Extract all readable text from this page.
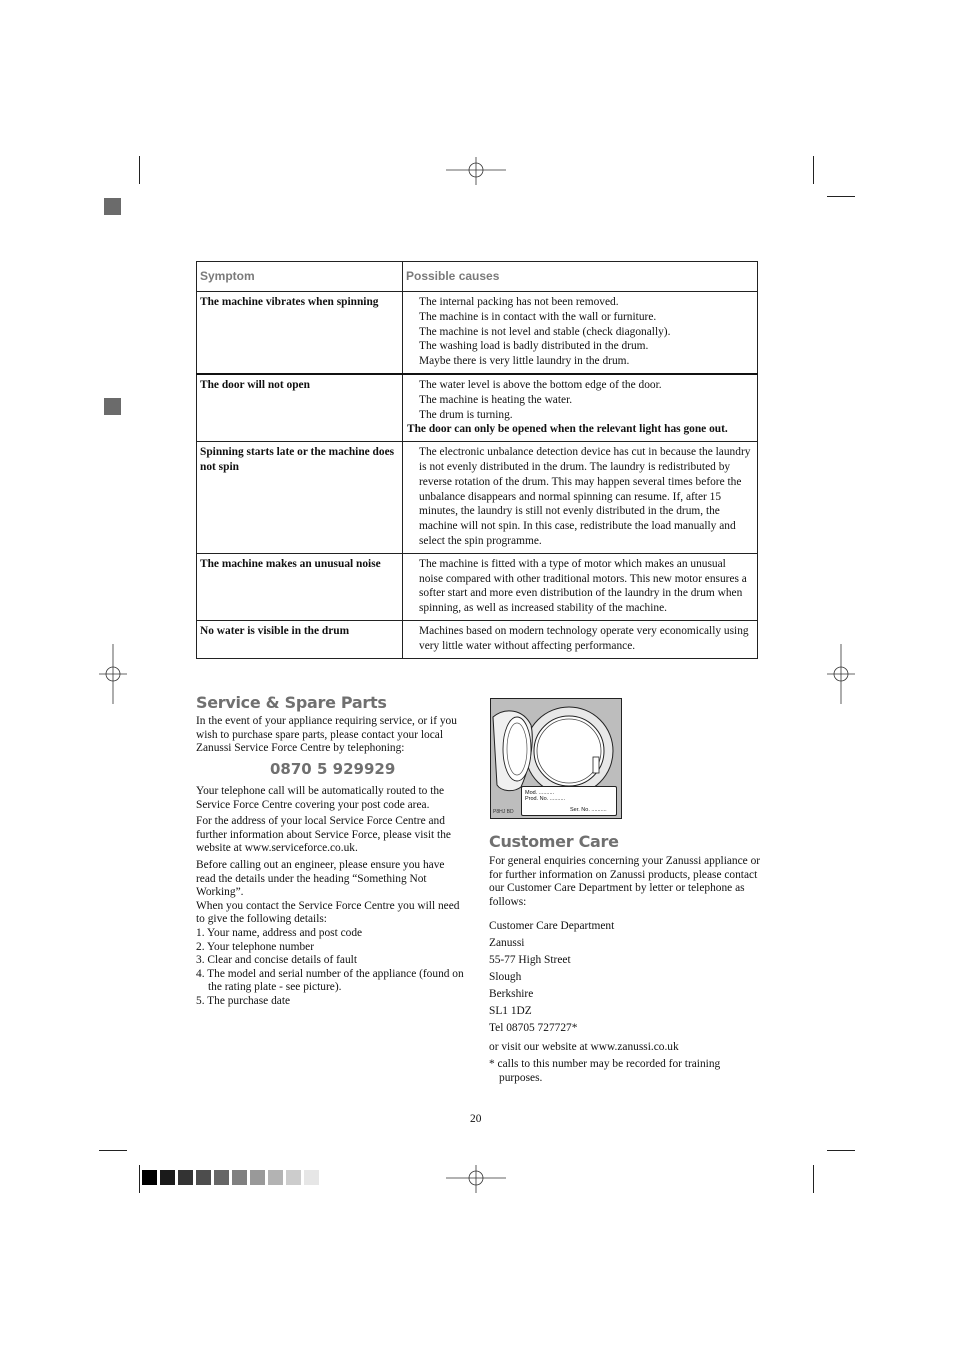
Symptom	Possible causes
The machine vibrates when spinning	The internal packing has not been removed.
The machine is in contact with the wall or furniture.
The machine is not level and stable (check diagonally).
The washing load is badly distributed in the drum.
Maybe there is very little laundry in the drum.

The door will not open	The water level is above the bottom edge of the door.
The machine is heating the water.
The drum is turning.
The door can only be opened when the relevant light has gone out.

Spinning starts late or the machine does not spin	The electronic unbalance detection device has cut in because the laundry is not evenly distributed in the drum. The laundry is redistributed by reverse rotation of the drum. This may happen several times before the unbalance disappears and normal spinning can resume. If, after 15 minutes, the laundry is still not evenly distributed in the drum, the machine will not spin. In this case, redistribute the load manually and select the spin programme.

The machine makes an unusual noise	The machine is fitted with a type of motor which makes an unusual noise compared with other traditional motors. This new motor ensures a softer start and more even distribution of the laundry in the drum when spinning, as well as increased stability of the machine.

No water is visible in the drum	Machines based on modern technology operate very economically using very little water without affecting performance.
Service & Spare Parts
In the event of your appliance requiring service, or if you wish to purchase spare parts, please contact your local Zanussi Service Force Centre by telephoning:
0870 5 929929

Your telephone call will be automatically routed to the Service Force Centre covering your post code area.

For the address of your local Service Force Centre and further information about Service Force, please visit the website at www.serviceforce.co.uk.

Before calling out an engineer, please ensure you have read the details under the heading “Something Not Working”.

When you contact the Service Force Centre you will need to give the following details:

1. Your name, address and post code
2. Your telephone number
3. Clear and concise details of fault
4. The model and serial number of the appliance (found on the rating plate - see picture).
5. The purchase date
Mod. ..........
Prod. No. ..........
Ser. No. ..........
P8HJ BD
Customer Care
For general enquiries concerning your Zanussi appliance or for further information on Zanussi products, please contact our Customer Care Department by letter or telephone as follows:
Customer Care Department
Zanussi
55-77 High Street
Slough
Berkshire
SL1 1DZ
Tel 08705 727727*
or visit our website at www.zanussi.co.uk
* calls to this number may be recorded for training purposes.
20
